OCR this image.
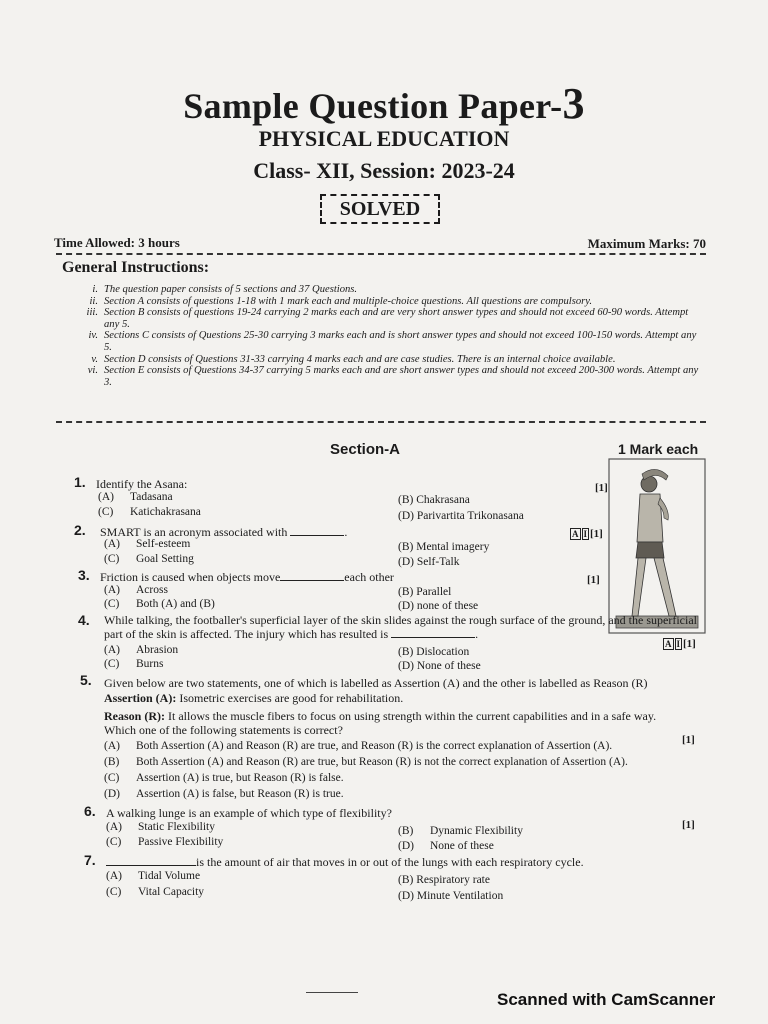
Sample Question Paper-3
PHYSICAL EDUCATION
Class- XII, Session: 2023-24
SOLVED
Time Allowed: 3 hours	Maximum Marks: 70
General Instructions:
i. The question paper consists of 5 sections and 37 Questions.
ii. Section A consists of questions 1-18 with 1 mark each and multiple-choice questions. All questions are compulsory.
iii. Section B consists of questions 19-24 carrying 2 marks each and are very short answer types and should not exceed 60-90 words. Attempt any 5.
iv. Sections C consists of Questions 25-30 carrying 3 marks each and is short answer types and should not exceed 100-150 words. Attempt any 5.
v. Section D consists of Questions 31-33 carrying 4 marks each and are case studies. There is an internal choice available.
vi. Section E consists of Questions 34-37 carrying 5 marks each and are short answer types and should not exceed 200-300 words. Attempt any 3.
Section-A	1 Mark each
1. Identify the Asana:	[1]
(A) Tadasana	(B) Chakrasana
(C) Katichakrasana	(D) Parivartita Trikonasana
2. SMART is an acronym associated with	.	A I [1]
(A) Self-esteem	(B) Mental imagery
(C) Goal Setting	(D) Self-Talk
3. Friction is caused when objects move	each other	[1]
(A) Across	(B) Parallel
(C) Both (A) and (B)	(D) none of these
4. While talking, the footballer's superficial layer of the skin slides against the rough surface of the ground, and the superficial part of the skin is affected. The injury which has resulted is	.
A I [1]
(A) Abrasion	(B) Dislocation
(C) Burns	(D) None of these
5. Given below are two statements, one of which is labelled as Assertion (A) and the other is labelled as Reason (R)
Assertion (A): Isometric exercises are good for rehabilitation.
Reason (R): It allows the muscle fibers to focus on using strength within the current capabilities and in a safe way.
Which one of the following statements is correct?
[1]
(A) Both Assertion (A) and Reason (R) are true, and Reason (R) is the correct explanation of Assertion (A).
(B) Both Assertion (A) and Reason (R) are true, but Reason (R) is not the correct explanation of Assertion (A).
(C) Assertion (A) is true, but Reason (R) is false.
(D) Assertion (A) is false, but Reason (R) is true.
6. A walking lunge is an example of which type of flexibility?
[1]
(A) Static Flexibility	(B) Dynamic Flexibility
(C) Passive Flexibility	(D) None of these
7.	is the amount of air that moves in or out of the lungs with each respiratory cycle.
(A) Tidal Volume	(B) Respiratory rate
(C) Vital Capacity	(D) Minute Ventilation
Scanned with CamScanner
